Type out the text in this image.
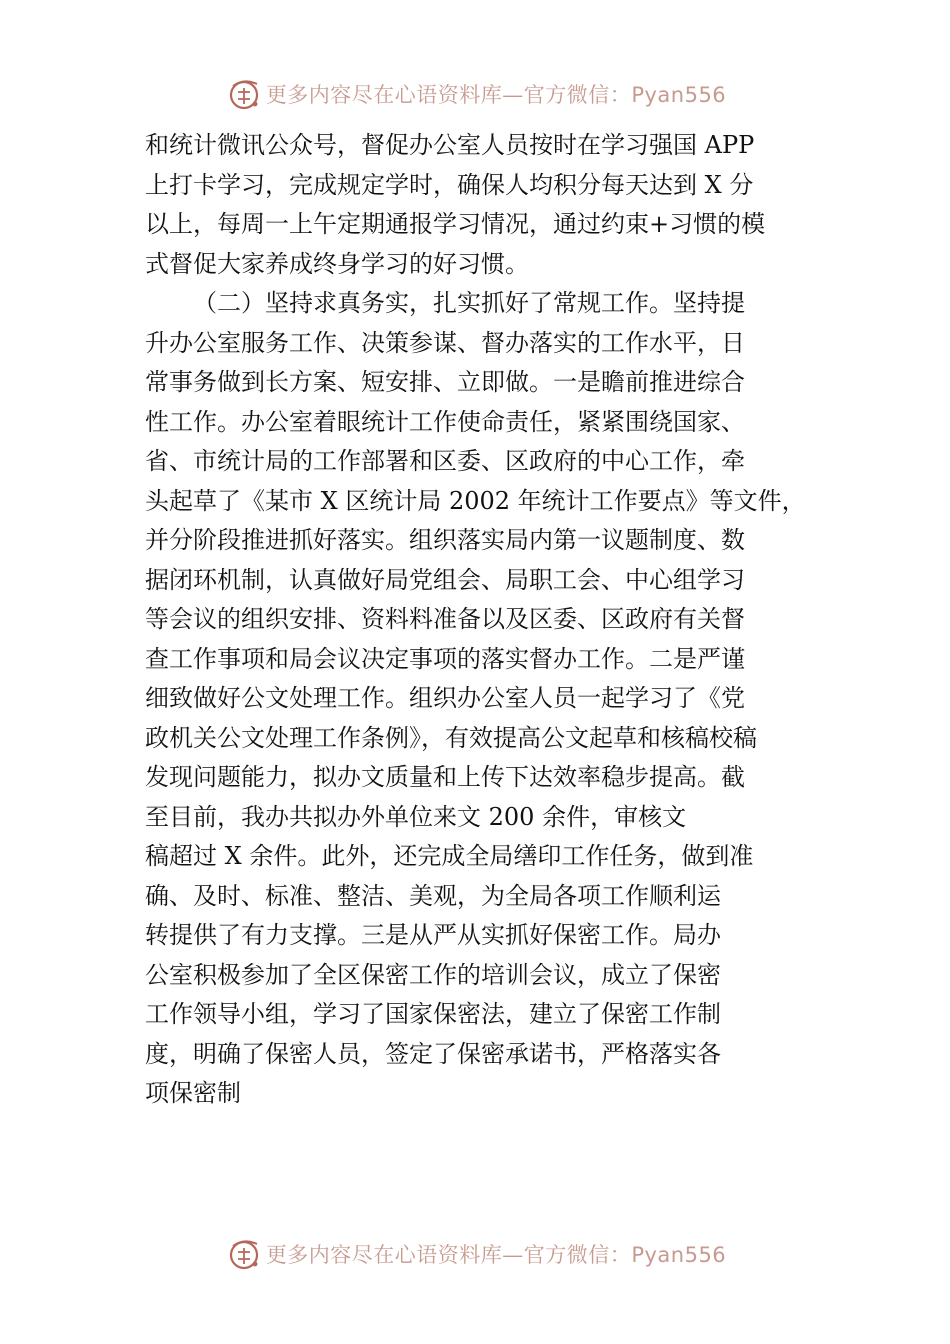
更多内容尽在心语资料库—官方微信：Pyan556
和统计微讯公众号，督促办公室人员按时在学习强国 APP
上打卡学习，完成规定学时，确保人均积分每天达到 X 分
以上，每周一上午定期通报学习情况，通过约束+习惯的模
式督促大家养成终身学习的好习惯。
（二）坚持求真务实，扎实抓好了常规工作。坚持提
升办公室服务工作、决策参谋、督办落实的工作水平，日
常事务做到长方案、短安排、立即做。一是瞻前推进综合
性工作。办公室着眼统计工作使命责任，紧紧围绕国家、
省、市统计局的工作部署和区委、区政府的中心工作，牵
头起草了《某市 X 区统计局 2002 年统计工作要点》等文件，
并分阶段推进抓好落实。组织落实局内第一议题制度、数
据闭环机制，认真做好局党组会、局职工会、中心组学习
等会议的组织安排、资料料准备以及区委、区政府有关督
查工作事项和局会议决定事项的落实督办工作。二是严谨
细致做好公文处理工作。组织办公室人员一起学习了《党
政机关公文处理工作条例》，有效提高公文起草和核稿校稿
发现问题能力，拟办文质量和上传下达效率稳步提高。截
至目前，我办共拟办外单位来文 200 余件，审核文
稿超过 X 余件。此外，还完成全局缮印工作任务，做到准
确、及时、标准、整洁、美观，为全局各项工作顺利运
转提供了有力支撑。三是从严从实抓好保密工作。局办
公室积极参加了全区保密工作的培训会议，成立了保密
工作领导小组，学习了国家保密法，建立了保密工作制
度，明确了保密人员，签定了保密承诺书，严格落实各
项保密制
更多内容尽在心语资料库—官方微信：Pyan556
